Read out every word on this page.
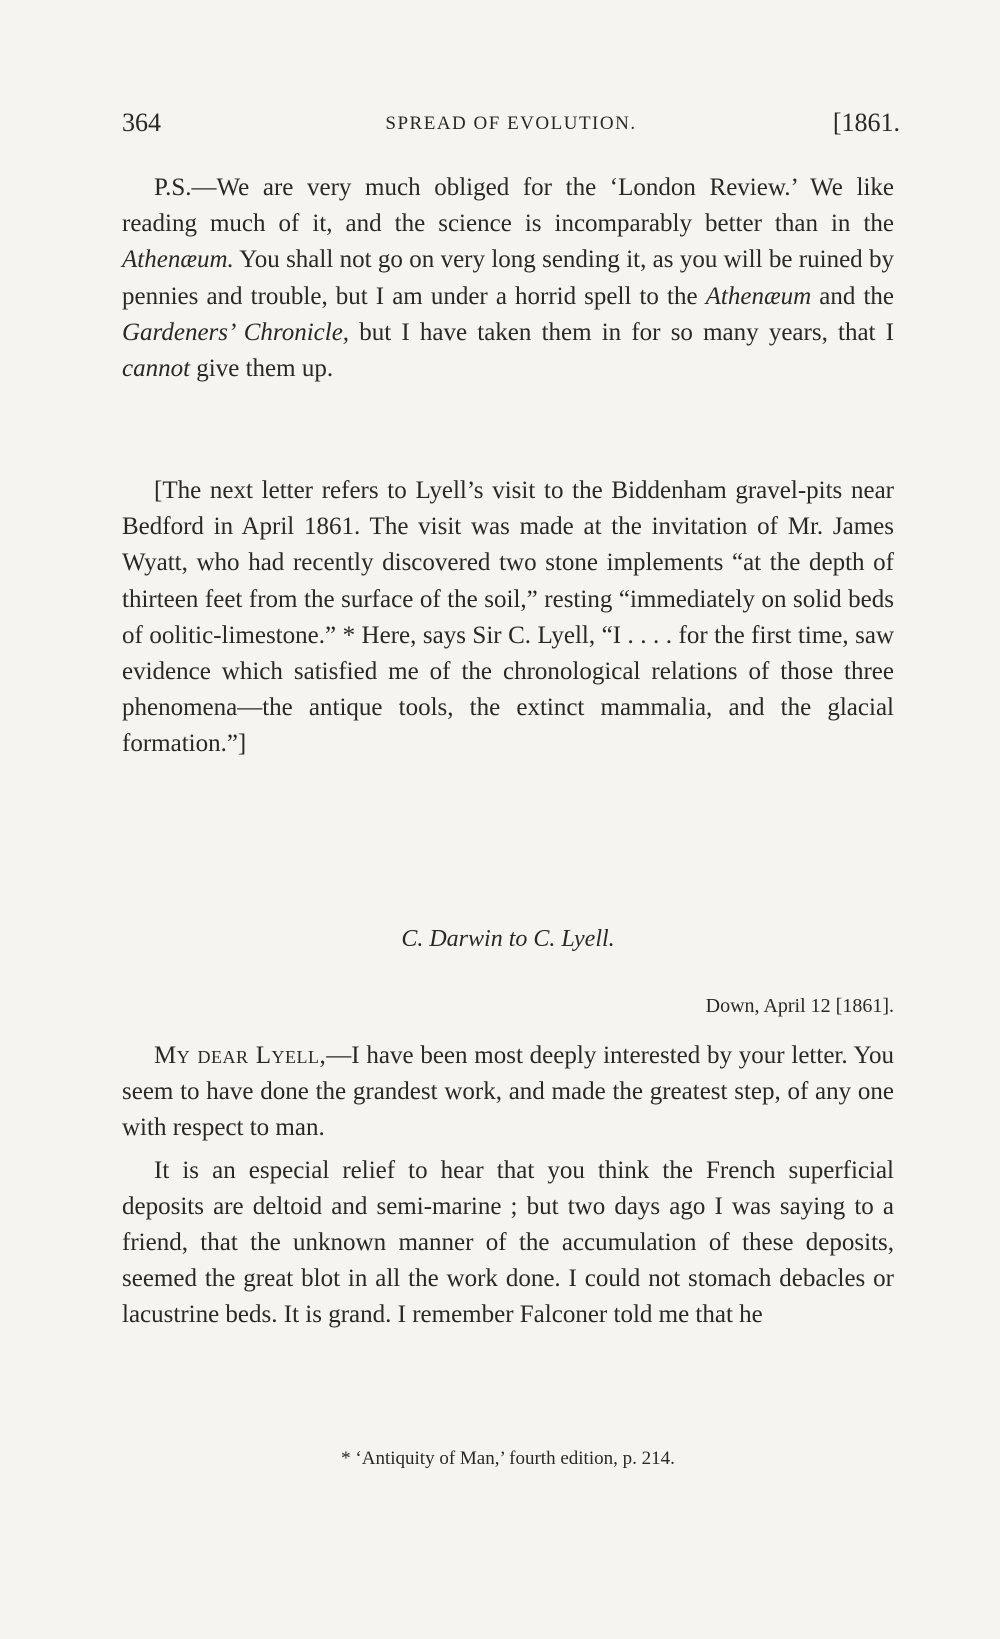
364	SPREAD OF EVOLUTION.	[1861.

P.S.—We are very much obliged for the ‘London Review.’ We like reading much of it, and the science is incomparably better than in the Athenæum. You shall not go on very long sending it, as you will be ruined by pennies and trouble, but I am under a horrid spell to the Athenæum and the Gardeners’ Chronicle, but I have taken them in for so many years, that I cannot give them up.

[The next letter refers to Lyell’s visit to the Biddenham gravel-pits near Bedford in April 1861. The visit was made at the invitation of Mr. James Wyatt, who had recently discovered two stone implements “at the depth of thirteen feet from the surface of the soil,” resting “immediately on solid beds of oolitic-limestone.” * Here, says Sir C. Lyell, “I . . . . for the first time, saw evidence which satisfied me of the chronological relations of those three phenomena—the antique tools, the extinct mammalia, and the glacial formation.”]

C. Darwin to C. Lyell.
Down, April 12 [1861].

My dear Lyell,—I have been most deeply interested by your letter. You seem to have done the grandest work, and made the greatest step, of any one with respect to man.

It is an especial relief to hear that you think the French superficial deposits are deltoid and semi-marine ; but two days ago I was saying to a friend, that the unknown manner of the accumulation of these deposits, seemed the great blot in all the work done. I could not stomach debacles or lacustrine beds. It is grand. I remember Falconer told me that he

* ‘Antiquity of Man,’ fourth edition, p. 214.
